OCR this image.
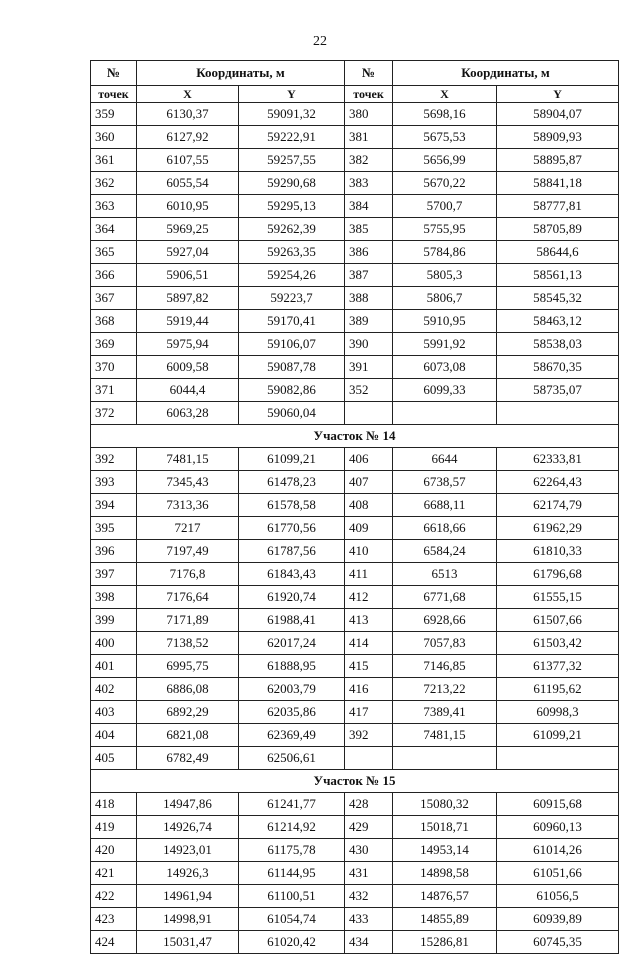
22
№	Координаты, м		№	Координаты, м	
точек	X	Y	точек	X	Y
359	6130,37	59091,32	380	5698,16	58904,07
360	6127,92	59222,91	381	5675,53	58909,93
361	6107,55	59257,55	382	5656,99	58895,87
362	6055,54	59290,68	383	5670,22	58841,18
363	6010,95	59295,13	384	5700,7	58777,81
364	5969,25	59262,39	385	5755,95	58705,89
365	5927,04	59263,35	386	5784,86	58644,6
366	5906,51	59254,26	387	5805,3	58561,13
367	5897,82	59223,7	388	5806,7	58545,32
368	5919,44	59170,41	389	5910,95	58463,12
369	5975,94	59106,07	390	5991,92	58538,03
370	6009,58	59087,78	391	6073,08	58670,35
371	6044,4	59082,86	352	6099,33	58735,07
372	6063,28	59060,04			
Участок № 14					
392	7481,15	61099,21	406	6644	62333,81
393	7345,43	61478,23	407	6738,57	62264,43
394	7313,36	61578,58	408	6688,11	62174,79
395	7217	61770,56	409	6618,66	61962,29
396	7197,49	61787,56	410	6584,24	61810,33
397	7176,8	61843,43	411	6513	61796,68
398	7176,64	61920,74	412	6771,68	61555,15
399	7171,89	61988,41	413	6928,66	61507,66
400	7138,52	62017,24	414	7057,83	61503,42
401	6995,75	61888,95	415	7146,85	61377,32
402	6886,08	62003,79	416	7213,22	61195,62
403	6892,29	62035,86	417	7389,41	60998,3
404	6821,08	62369,49	392	7481,15	61099,21
405	6782,49	62506,61			
Участок № 15					
418	14947,86	61241,77	428	15080,32	60915,68
419	14926,74	61214,92	429	15018,71	60960,13
420	14923,01	61175,78	430	14953,14	61014,26
421	14926,3	61144,95	431	14898,58	61051,66
422	14961,94	61100,51	432	14876,57	61056,5
423	14998,91	61054,74	433	14855,89	60939,89
424	15031,47	61020,42	434	15286,81	60745,35
